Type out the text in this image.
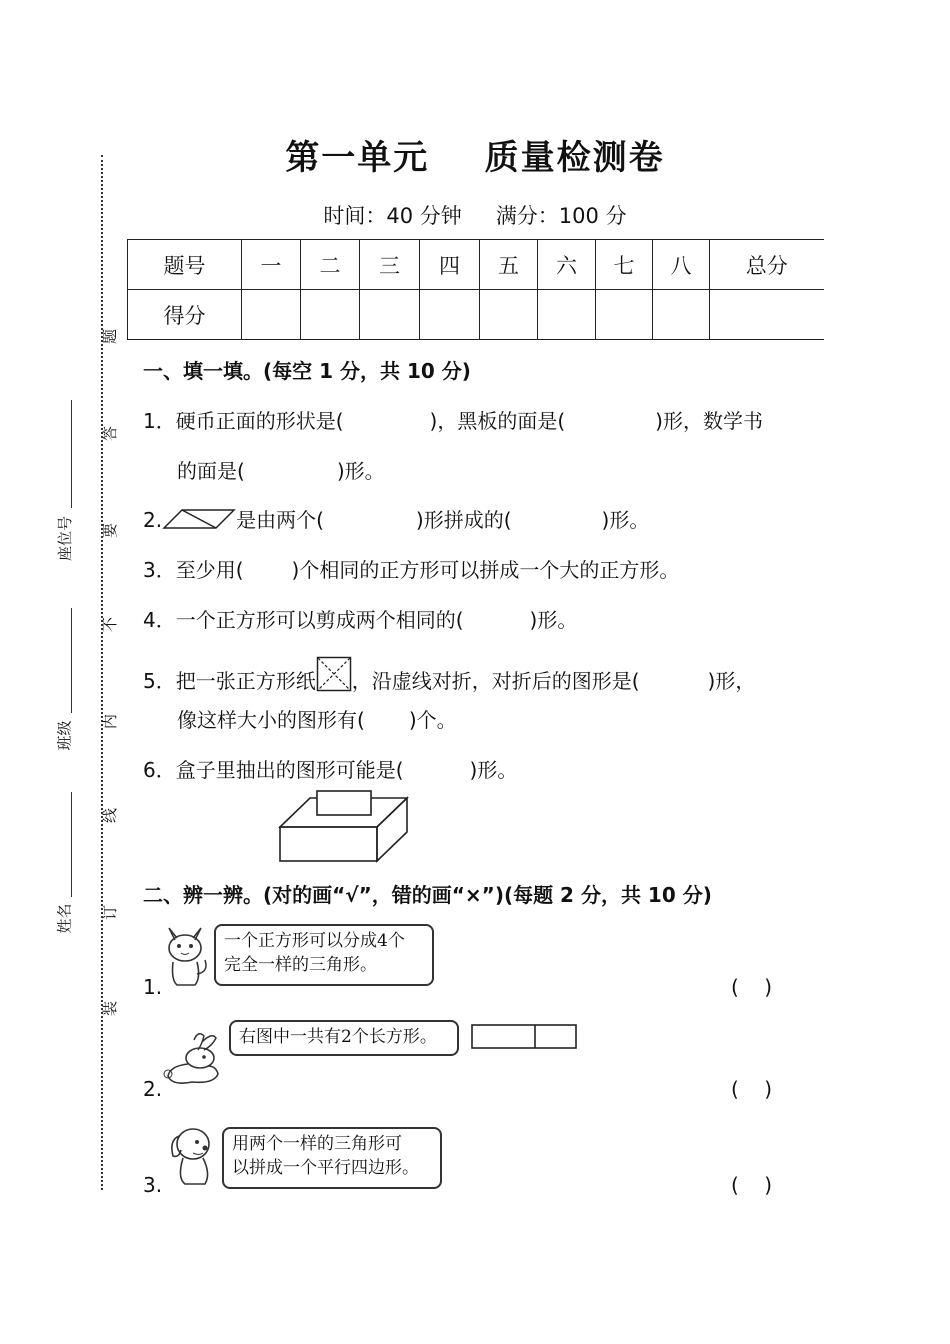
题
答
要
不
内
线
订
装
座位号
班级
姓名
第一单元 质量检测卷
时间：40 分钟 满分：100 分
题号	一	二	三	四	五	六	七	八	总分
得分									
一、填一填。(每空 1 分，共 10 分)
1．硬币正面的形状是(	)，黑板的面是(	)形，数学书
的面是(	)形。
2.	是由两个(	)形拼成的(	)形。
3．至少用( )个相同的正方形可以拼成一个大的正方形。
4．一个正方形可以剪成两个相同的(	)形。
5．把一张正方形纸 ，沿虚线对折，对折后的图形是(	)形，
像这样大小的图形有( )个。
6．盒子里抽出的图形可能是(	)形。
二、辨一辨。(对的画“√”，错的画“×”)(每题 2 分，共 10 分)
一个正方形可以分成4个
完全一样的三角形。
1.	(    )
右图中一共有2个长方形。
2.	(    )
用两个一样的三角形可
以拼成一个平行四边形。
3.	(    )
